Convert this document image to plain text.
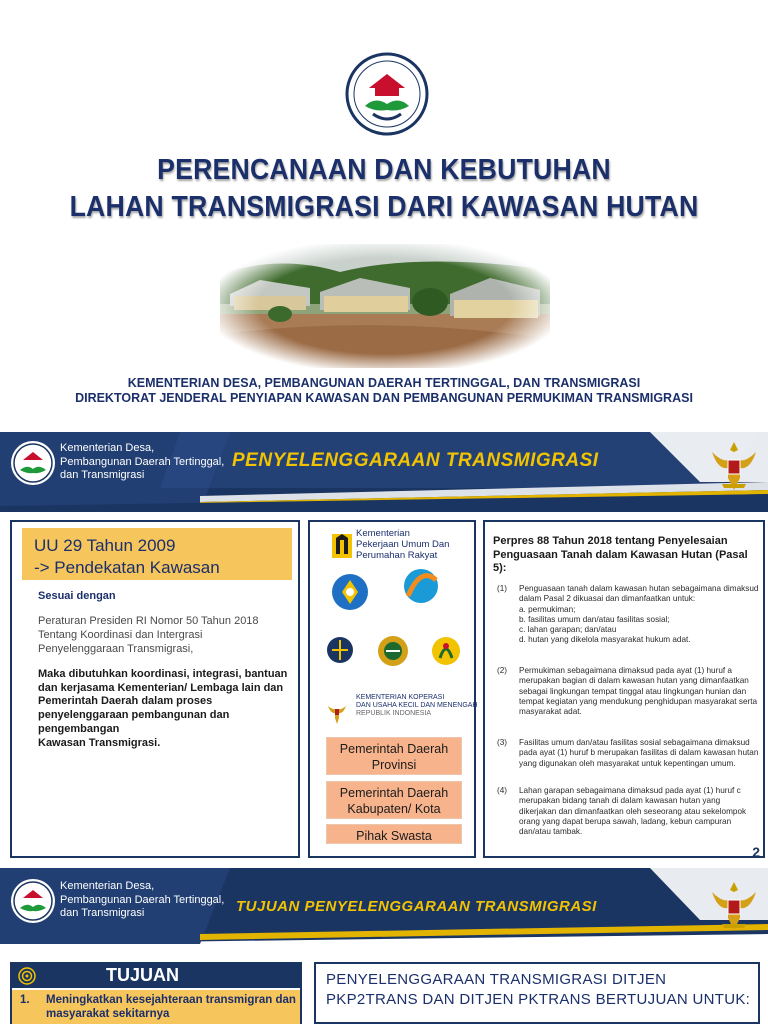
PERENCANAAN DAN KEBUTUHAN
LAHAN TRANSMIGRASI DARI KAWASAN HUTAN
KEMENTERIAN DESA, PEMBANGUNAN DAERAH TERTINGGAL, DAN TRANSMIGRASI
DIREKTORAT JENDERAL PENYIAPAN KAWASAN DAN PEMBANGUNAN PERMUKIMAN TRANSMIGRASI
Kementerian Desa,
Pembangunan Daerah Tertinggal,
dan Transmigrasi
PENYELENGGARAAN TRANSMIGRASI
UU 29 Tahun 2009
-> Pendekatan Kawasan
Sesuai dengan
Peraturan Presiden RI Nomor 50 Tahun 2018 Tentang Koordinasi dan Intergrasi Penyelenggaraan Transmigrasi,
Maka dibutuhkan koordinasi, integrasi, bantuan dan kerjasama Kementerian/ Lembaga lain dan Pemerintah Daerah dalam proses penyelenggaraan pembangunan dan pengembangan
Kawasan Transmigrasi.
Kementerian
Pekerjaan Umum Dan
Perumahan Rakyat
KEMENTERIAN KOPERASI
DAN USAHA KECIL DAN MENENGAH
REPUBLIK INDONESIA
Pemerintah Daerah
Provinsi
Pemerintah Daerah
Kabupaten/ Kota
Pihak Swasta
Perpres 88 Tahun 2018 tentang Penyelesaian Penguasaan Tanah dalam Kawasan Hutan (Pasal 5):
(1) Penguasaan tanah dalam kawasan hutan sebagaimana dimaksud dalam Pasal 2 dikuasai dan dimanfaatkan untuk:
a. permukiman;
b. fasilitas umum dan/atau fasilitas sosial;
c. lahan garapan; dan/atau
d. hutan yang dikelola masyarakat hukum adat.
(2) Permukiman sebagaimana dimaksud pada ayat (1) huruf a merupakan bagian di dalam kawasan hutan yang dimanfaatkan sebagai lingkungan tempat tinggal atau lingkungan hunian dan tempat kegiatan yang mendukung penghidupan masyarakat serta masyarakat adat.
(3) Fasilitas umum dan/atau fasilitas sosial sebagaimana dimaksud pada ayat (1) huruf b merupakan fasilitas di dalam kawasan hutan yang digunakan oleh masyarakat untuk kepentingan umum.
(4) Lahan garapan sebagaimana dimaksud pada ayat (1) huruf c merupakan bidang tanah di dalam kawasan hutan yang dikerjakan dan dimanfaatkan oleh seseorang atau sekelompok orang yang dapat berupa sawah, ladang, kebun campuran dan/atau tambak.
2
Kementerian Desa,
Pembangunan Daerah Tertinggal,
dan Transmigrasi	TUJUAN PENYELENGGARAAN TRANSMIGRASI
TUJUAN
1. Meningkatkan kesejahteraan transmigran dan masyarakat sekitarnya
PENYELENGGARAAN TRANSMIGRASI DITJEN PKP2TRANS DAN DITJEN PKTRANS BERTUJUAN UNTUK:
